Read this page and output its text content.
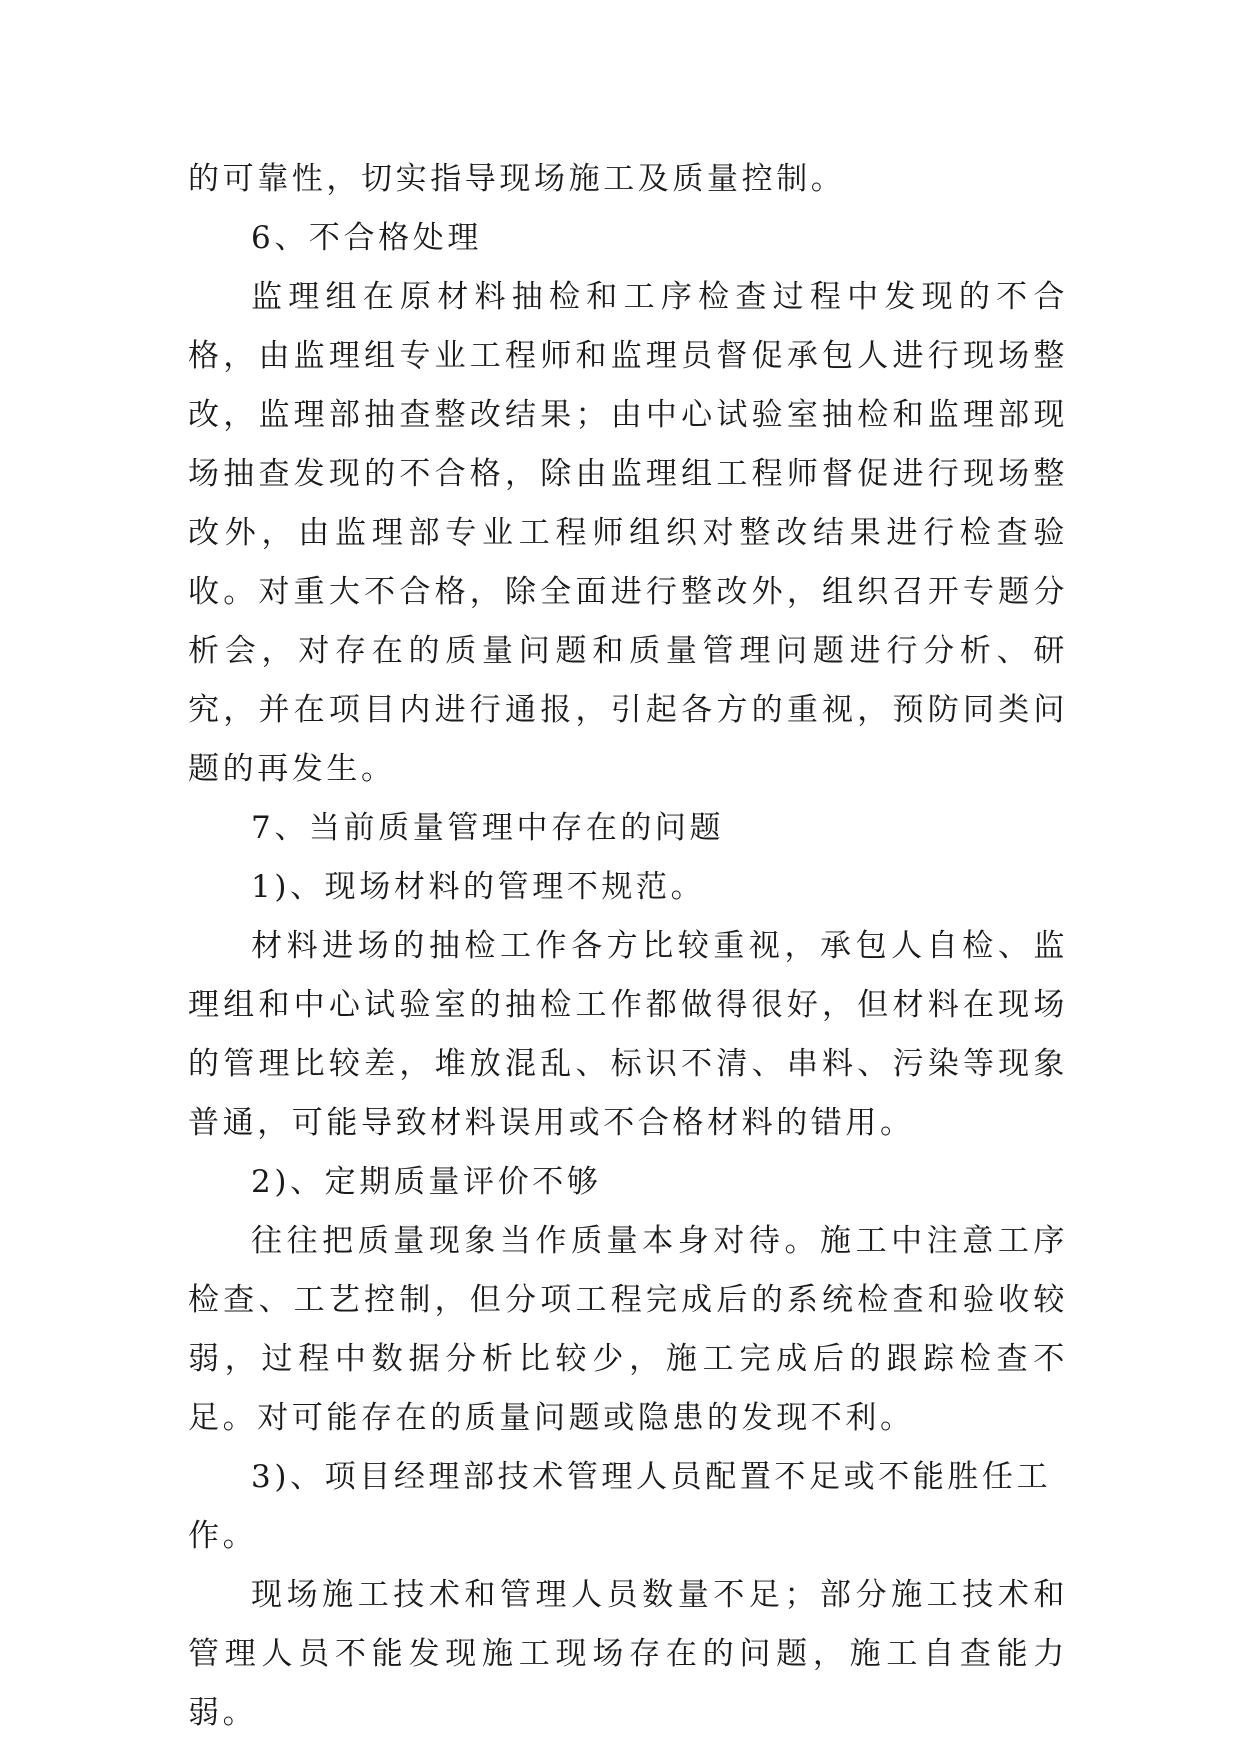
的可靠性，切实指导现场施工及质量控制。

6、不合格处理

监理组在原材料抽检和工序检查过程中发现的不合格，由监理组专业工程师和监理员督促承包人进行现场整改，监理部抽查整改结果；由中心试验室抽检和监理部现场抽查发现的不合格，除由监理组工程师督促进行现场整改外，由监理部专业工程师组织对整改结果进行检查验收。对重大不合格，除全面进行整改外，组织召开专题分析会，对存在的质量问题和质量管理问题进行分析、研究，并在项目内进行通报，引起各方的重视，预防同类问题的再发生。

7、当前质量管理中存在的问题

1)、现场材料的管理不规范。

材料进场的抽检工作各方比较重视，承包人自检、监理组和中心试验室的抽检工作都做得很好，但材料在现场的管理比较差，堆放混乱、标识不清、串料、污染等现象普通，可能导致材料误用或不合格材料的错用。

2)、定期质量评价不够

往往把质量现象当作质量本身对待。施工中注意工序检查、工艺控制，但分项工程完成后的系统检查和验收较弱，过程中数据分析比较少，施工完成后的跟踪检查不足。对可能存在的质量问题或隐患的发现不利。

3)、项目经理部技术管理人员配置不足或不能胜任工作。

现场施工技术和管理人员数量不足；部分施工技术和管理人员不能发现施工现场存在的问题，施工自查能力弱。
